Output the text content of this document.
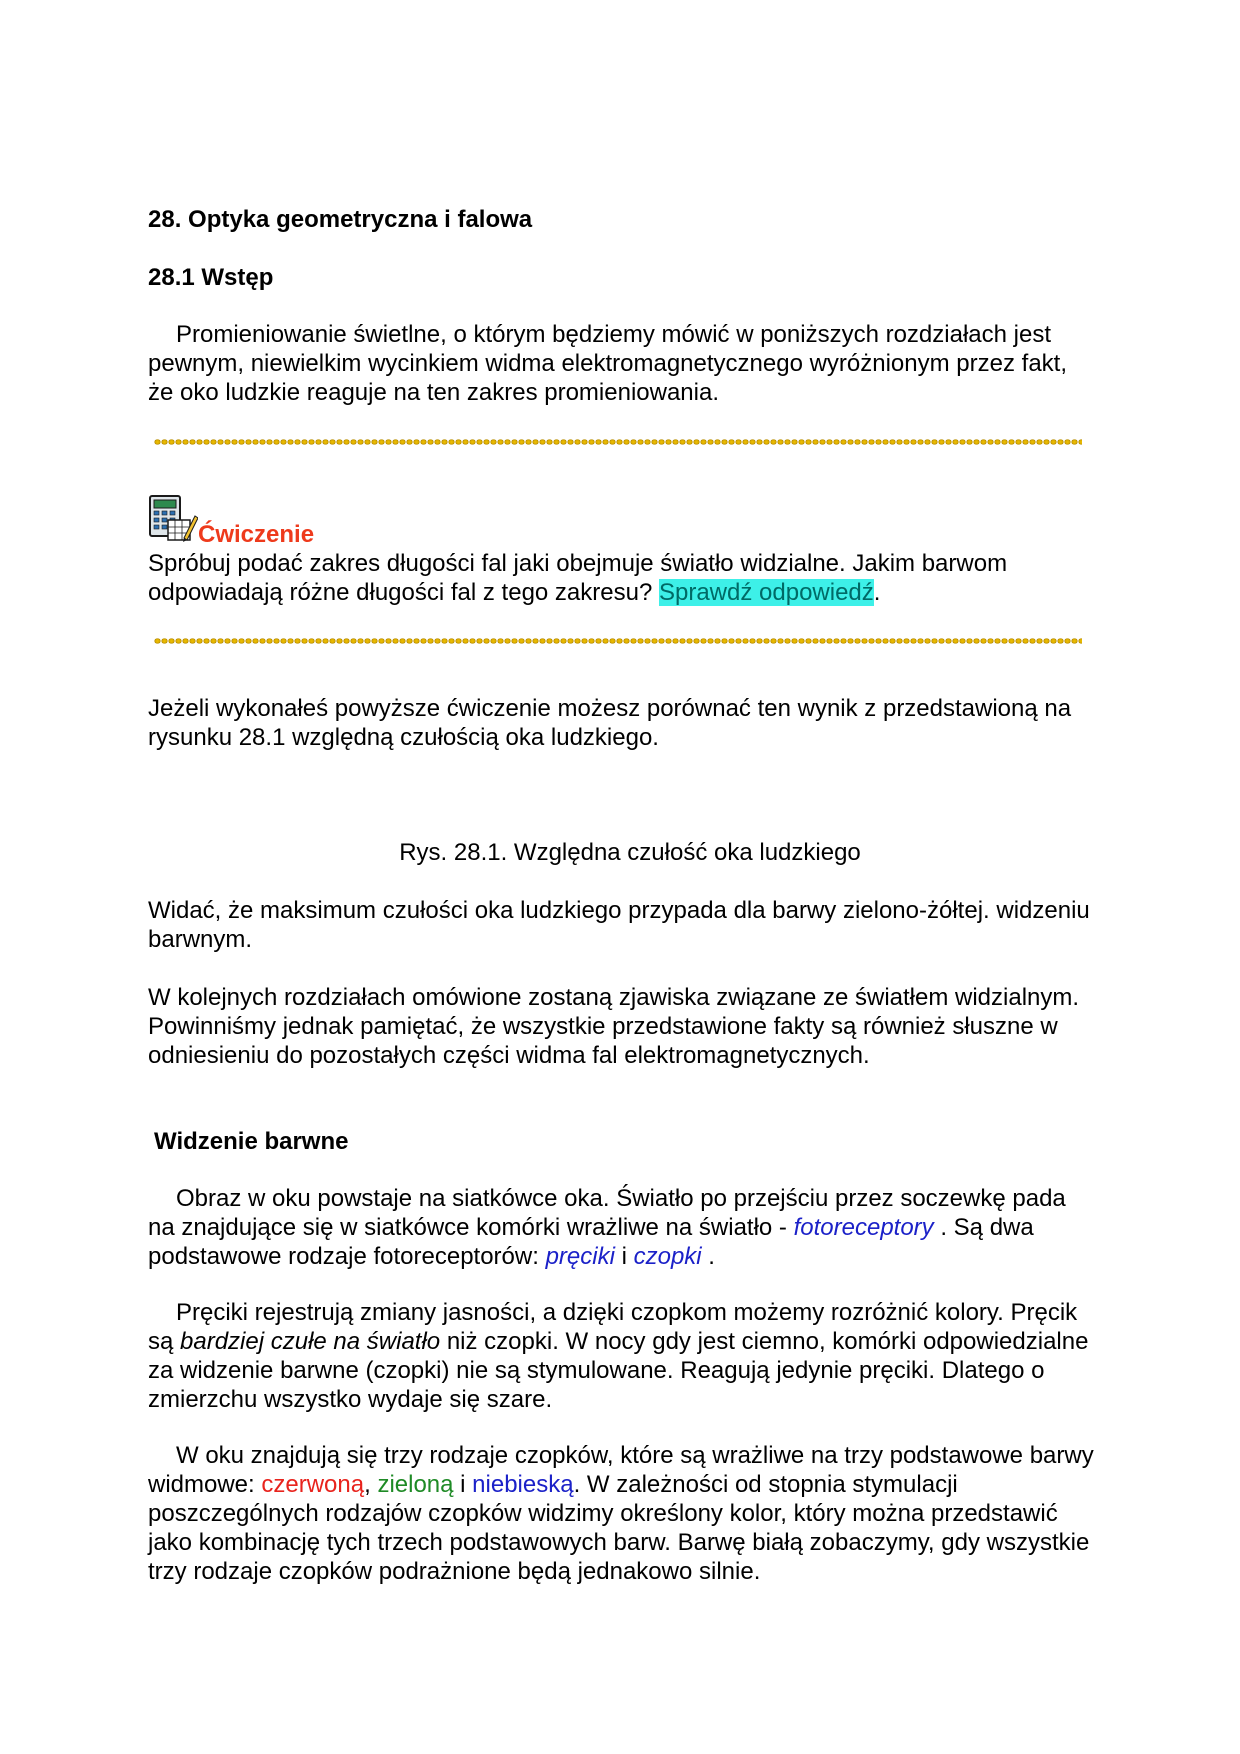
28. Optyka geometryczna i falowa
28.1 Wstęp
Promieniowanie świetlne, o którym będziemy mówić w poniższych rozdziałach jest pewnym, niewielkim wycinkiem widma elektromagnetycznego wyróżnionym przez fakt, że oko ludzkie reaguje na ten zakres promieniowania.
Ćwiczenie
Spróbuj podać zakres długości fal jaki obejmuje światło widzialne. Jakim barwom odpowiadają różne długości fal z tego zakresu? Sprawdź odpowiedź.
Jeżeli wykonałeś powyższe ćwiczenie możesz porównać ten wynik z przedstawioną na rysunku 28.1 względną czułością oka ludzkiego.
Rys. 28.1. Względna czułość oka ludzkiego
Widać, że maksimum czułości oka ludzkiego przypada dla barwy zielono-żółtej. widzeniu barwnym.
W kolejnych rozdziałach omówione zostaną zjawiska związane ze światłem widzialnym. Powinniśmy jednak pamiętać, że wszystkie przedstawione fakty są również słuszne w odniesieniu do pozostałych części widma fal elektromagnetycznych.
Widzenie barwne
Obraz w oku powstaje na siatkówce oka. Światło po przejściu przez soczewkę pada na znajdujące się w siatkówce komórki wrażliwe na światło - fotoreceptory . Są dwa podstawowe rodzaje fotoreceptorów: pręciki i czopki .
Pręciki rejestrują zmiany jasności, a dzięki czopkom możemy rozróżnić kolory. Pręcik są bardziej czułe na światło niż czopki. W nocy gdy jest ciemno, komórki odpowiedzialne za widzenie barwne (czopki) nie są stymulowane. Reagują jedynie pręciki. Dlatego o zmierzchu wszystko wydaje się szare.
W oku znajdują się trzy rodzaje czopków, które są wrażliwe na trzy podstawowe barwy widmowe: czerwoną, zieloną i niebieską. W zależności od stopnia stymulacji poszczególnych rodzajów czopków widzimy określony kolor, który można przedstawić jako kombinację tych trzech podstawowych barw. Barwę białą zobaczymy, gdy wszystkie trzy rodzaje czopków podrażnione będą jednakowo silnie.
